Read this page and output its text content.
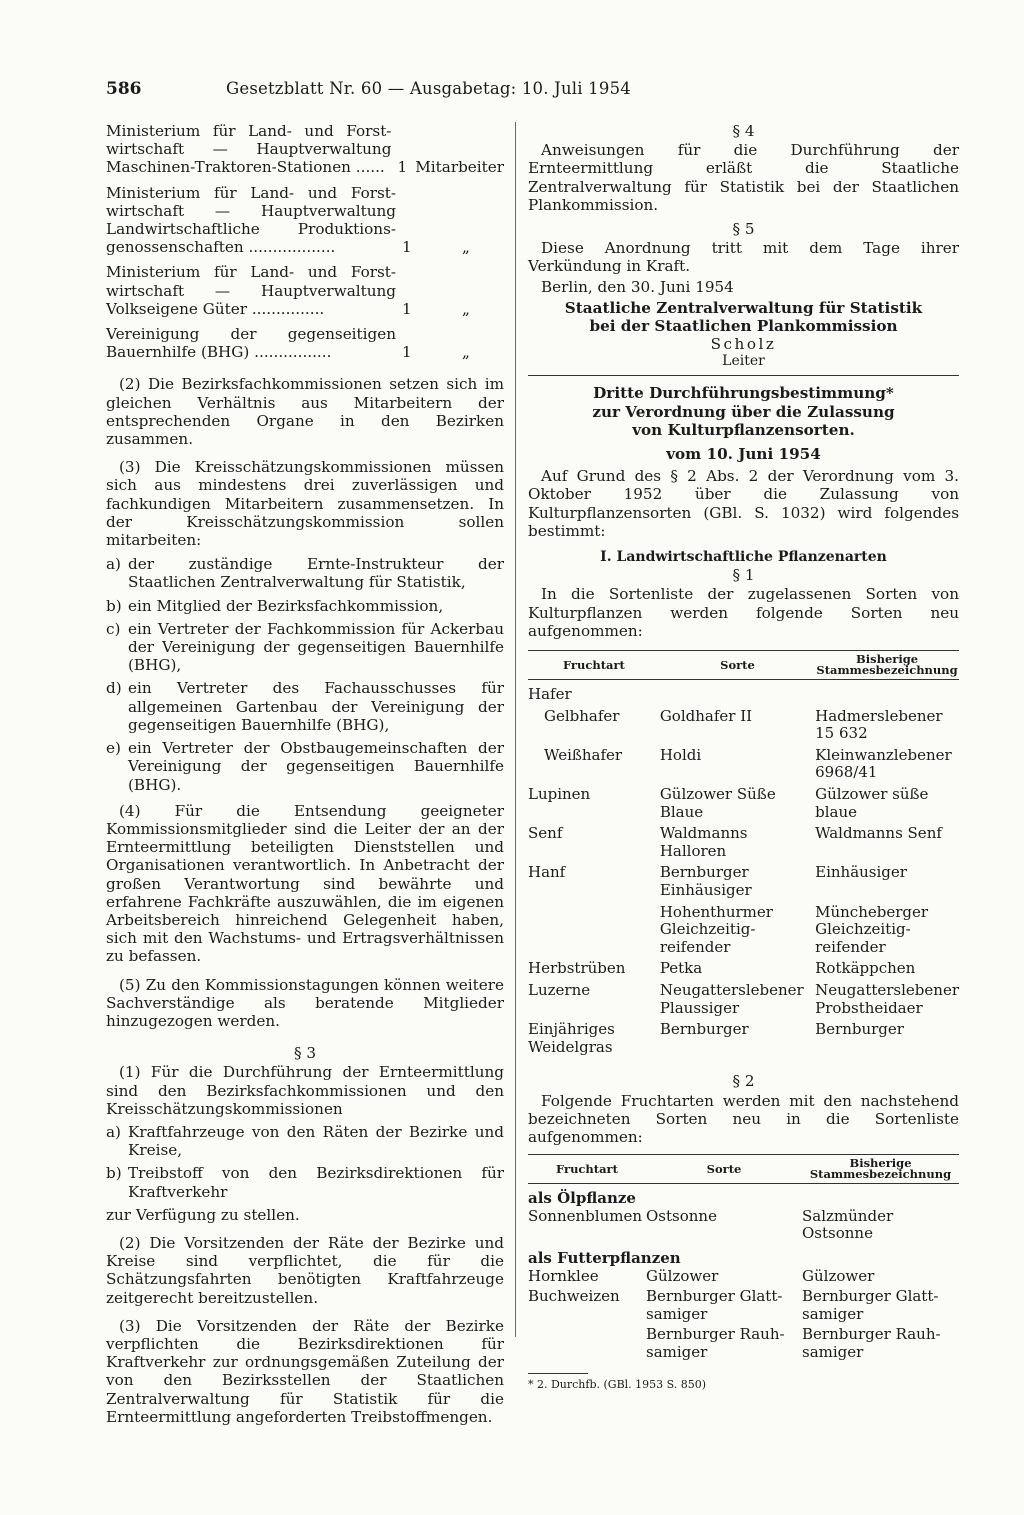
586	Gesetzblatt Nr. 60 — Ausgabetag: 10. Juli 1954
Ministerium für Land- und Forst-wirtschaft — Hauptverwaltung Maschinen-Traktoren-Stationen ...... 1 Mitarbeiter
Ministerium für Land- und Forst-wirtschaft — Hauptverwaltung Landwirtschaftliche Produktions-genossenschaften ..................	1	„
Ministerium für Land- und Forst-wirtschaft — Hauptverwaltung Volkseigene Güter ...............	1	„
Vereinigung der gegenseitigen Bauernhilfe (BHG) ................	1	„

(2) Die Bezirksfachkommissionen setzen sich im gleichen Verhältnis aus Mitarbeitern der entsprechenden Organe in den Bezirken zusammen.

(3) Die Kreisschätzungskommissionen müssen sich aus mindestens drei zuverlässigen und fachkundigen Mitarbeitern zusammensetzen. In der Kreisschätzungskommission sollen mitarbeiten:

a) der zuständige Ernte-Instrukteur der Staatlichen Zentralverwaltung für Statistik,
b) ein Mitglied der Bezirksfachkommission,
c) ein Vertreter der Fachkommission für Ackerbau der Vereinigung der gegenseitigen Bauernhilfe (BHG),
d) ein Vertreter des Fachausschusses für allgemeinen Gartenbau der Vereinigung der gegenseitigen Bauernhilfe (BHG),
e) ein Vertreter der Obstbaugemeinschaften der Vereinigung der gegenseitigen Bauernhilfe (BHG).

(4) Für die Entsendung geeigneter Kommissionsmitglieder sind die Leiter der an der Ernteermittlung beteiligten Dienststellen und Organisationen verantwortlich. In Anbetracht der großen Verantwortung sind bewährte und erfahrene Fachkräfte auszuwählen, die im eigenen Arbeitsbereich hinreichend Gelegenheit haben, sich mit den Wachstums- und Ertragsverhältnissen zu befassen.

(5) Zu den Kommissionstagungen können weitere Sachverständige als beratende Mitglieder hinzugezogen werden.

§ 3

(1) Für die Durchführung der Ernteermittlung sind den Bezirksfachkommissionen und den Kreisschätzungskommissionen

a) Kraftfahrzeuge von den Räten der Bezirke und Kreise,
b) Treibstoff von den Bezirksdirektionen für Kraftverkehr

zur Verfügung zu stellen.

(2) Die Vorsitzenden der Räte der Bezirke und Kreise sind verpflichtet, die für die Schätzungsfahrten benötigten Kraftfahrzeuge zeitgerecht bereitzustellen.

(3) Die Vorsitzenden der Räte der Bezirke verpflichten die Bezirksdirektionen für Kraftverkehr zur ordnungsgemäßen Zuteilung der von den Bezirksstellen der Staatlichen Zentralverwaltung für Statistik für die Ernteermittlung angeforderten Treibstoffmengen.

§ 4

Anweisungen für die Durchführung der Ernteermittlung erläßt die Staatliche Zentralverwaltung für Statistik bei der Staatlichen Plankommission.

§ 5

Diese Anordnung tritt mit dem Tage ihrer Verkündung in Kraft.

Berlin, den 30. Juni 1954

Staatliche Zentralverwaltung für Statistik

bei der Staatlichen Plankommission

Scholz

Leiter

Dritte Durchführungsbestimmung*

zur Verordnung über die Zulassung

von Kulturpflanzensorten.

vom 10. Juni 1954

Auf Grund des § 2 Abs. 2 der Verordnung vom 3. Oktober 1952 über die Zulassung von Kulturpflanzensorten (GBl. S. 1032) wird folgendes bestimmt:

I. Landwirtschaftliche Pflanzenarten

§ 1

In die Sortenliste der zugelassenen Sorten von Kulturpflanzen werden folgende Sorten neu aufgenommen:

Fruchtart	Sorte	Bisherige
Stammesbezeichnung

Hafer		
Gelbhafer	Goldhafer II	Hadmerslebener 15 632
Weißhafer	Holdi	Kleinwanzlebener 6968/41
Lupinen	Gülzower Süße Blaue	Gülzower süße blaue
Senf	Waldmanns Halloren	Waldmanns Senf
Hanf	Bernburger Einhäusiger	Einhäusiger
	Hohenthurmer Gleichzeitig-reifender	Müncheberger Gleichzeitig-reifender
Herbstrüben	Petka	Rotkäppchen
Luzerne	Neugatterslebener Plaussiger	Neugatterslebener Probstheidaer
Einjähriges Weidelgras	Bernburger	Bernburger

§ 2

Folgende Fruchtarten werden mit den nachstehend bezeichneten Sorten neu in die Sortenliste aufgenommen:

Fruchtart	Sorte	Bisherige
Stammesbezeichnung

als Ölpflanze		
Sonnenblumen	Ostsonne	Salzmünder Ostsonne
als Futterpflanzen		
Hornklee	Gülzower	Gülzower
Buchweizen	Bernburger Glatt-samiger	Bernburger Glatt-samiger
	Bernburger Rauh-samiger	Bernburger Rauh-samiger

* 2. Durchfb. (GBl. 1953 S. 850)
